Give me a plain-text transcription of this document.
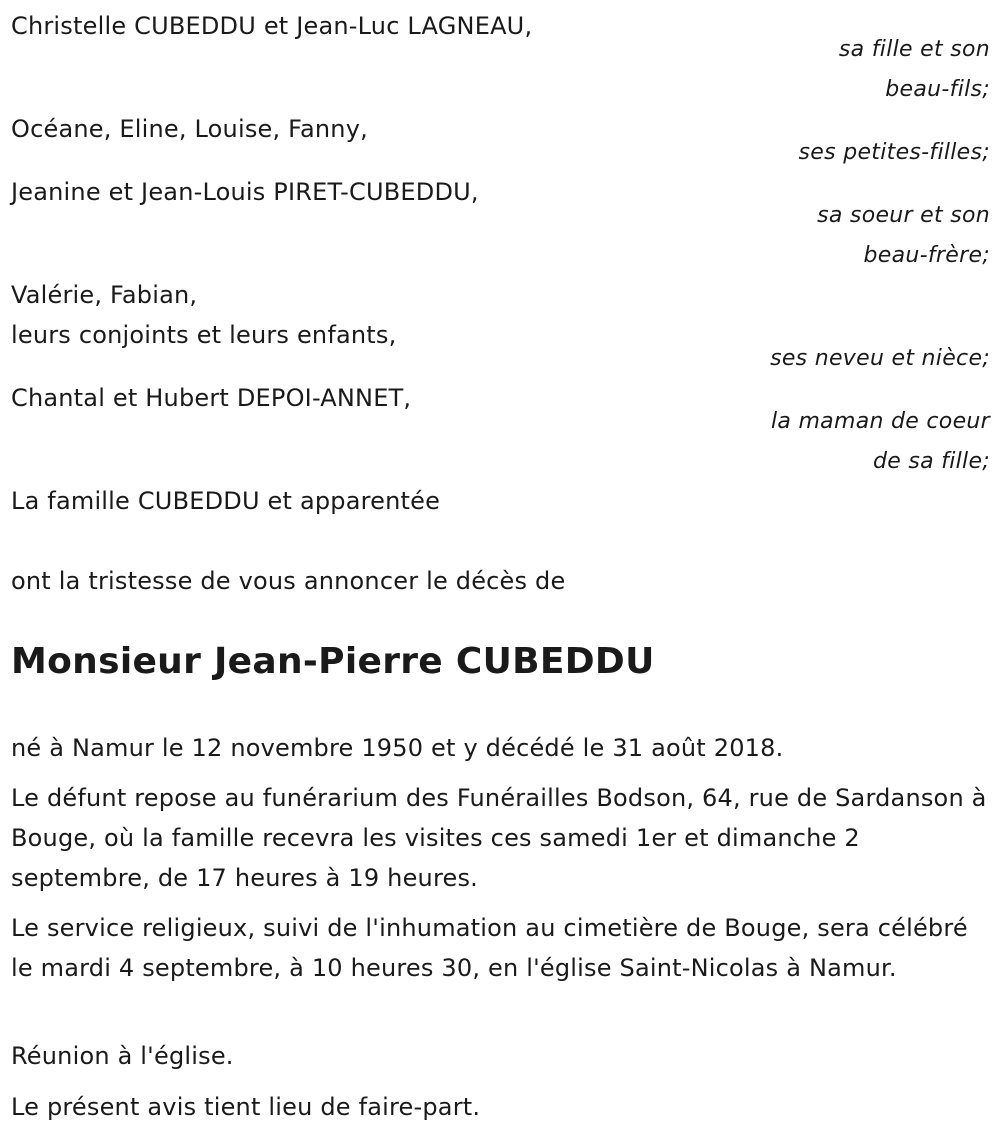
Christelle CUBEDDU et Jean-Luc LAGNEAU,
sa fille et son
beau-fils;
Océane, Eline, Louise, Fanny,
ses petites-filles;
Jeanine et Jean-Louis PIRET-CUBEDDU,
sa soeur et son
beau-frère;
Valérie, Fabian,
leurs conjoints et leurs enfants,
ses neveu et nièce;
Chantal et Hubert DEPOI-ANNET,
la maman de coeur
de sa fille;
La famille CUBEDDU et apparentée
ont la tristesse de vous annoncer le décès de
Monsieur Jean-Pierre CUBEDDU
né à Namur le 12 novembre 1950 et y décédé le 31 août 2018.
Le défunt repose au funérarium des Funérailles Bodson, 64, rue de Sardanson à Bouge, où la famille recevra les visites ces samedi 1er et dimanche 2 septembre, de 17 heures à 19 heures.
Le service religieux, suivi de l'inhumation au cimetière de Bouge, sera célébré le mardi 4 septembre, à 10 heures 30, en l'église Saint-Nicolas à Namur.
Réunion à l'église.
Le présent avis tient lieu de faire-part.
